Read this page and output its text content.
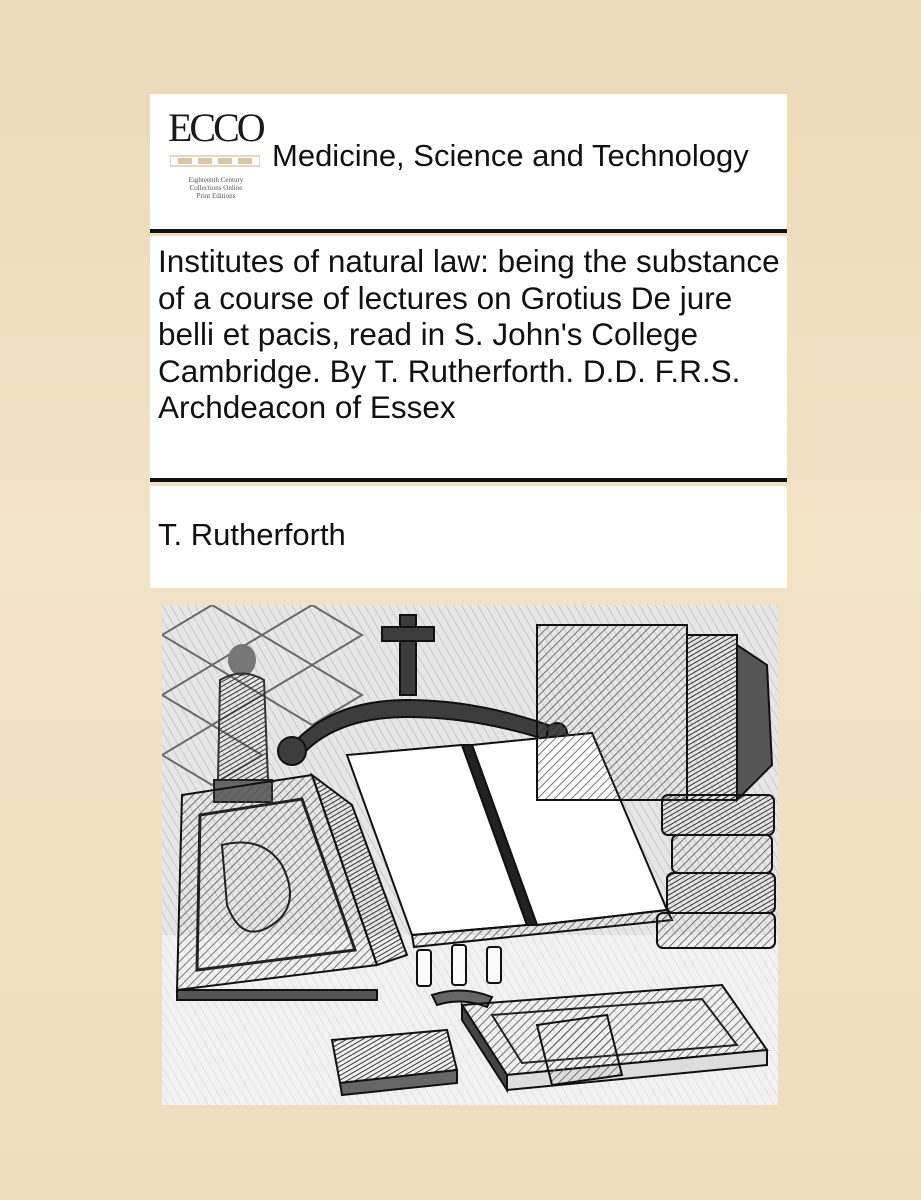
ECCO
Eighteenth Century
Collections Online
Print Editions
Medicine, Science and Technology
Institutes of natural law: being the substance of a course of lectures on Grotius De jure belli et pacis, read in S. John's College Cambridge. By T. Rutherforth. D.D. F.R.S. Archdeacon of Essex
T. Rutherforth
